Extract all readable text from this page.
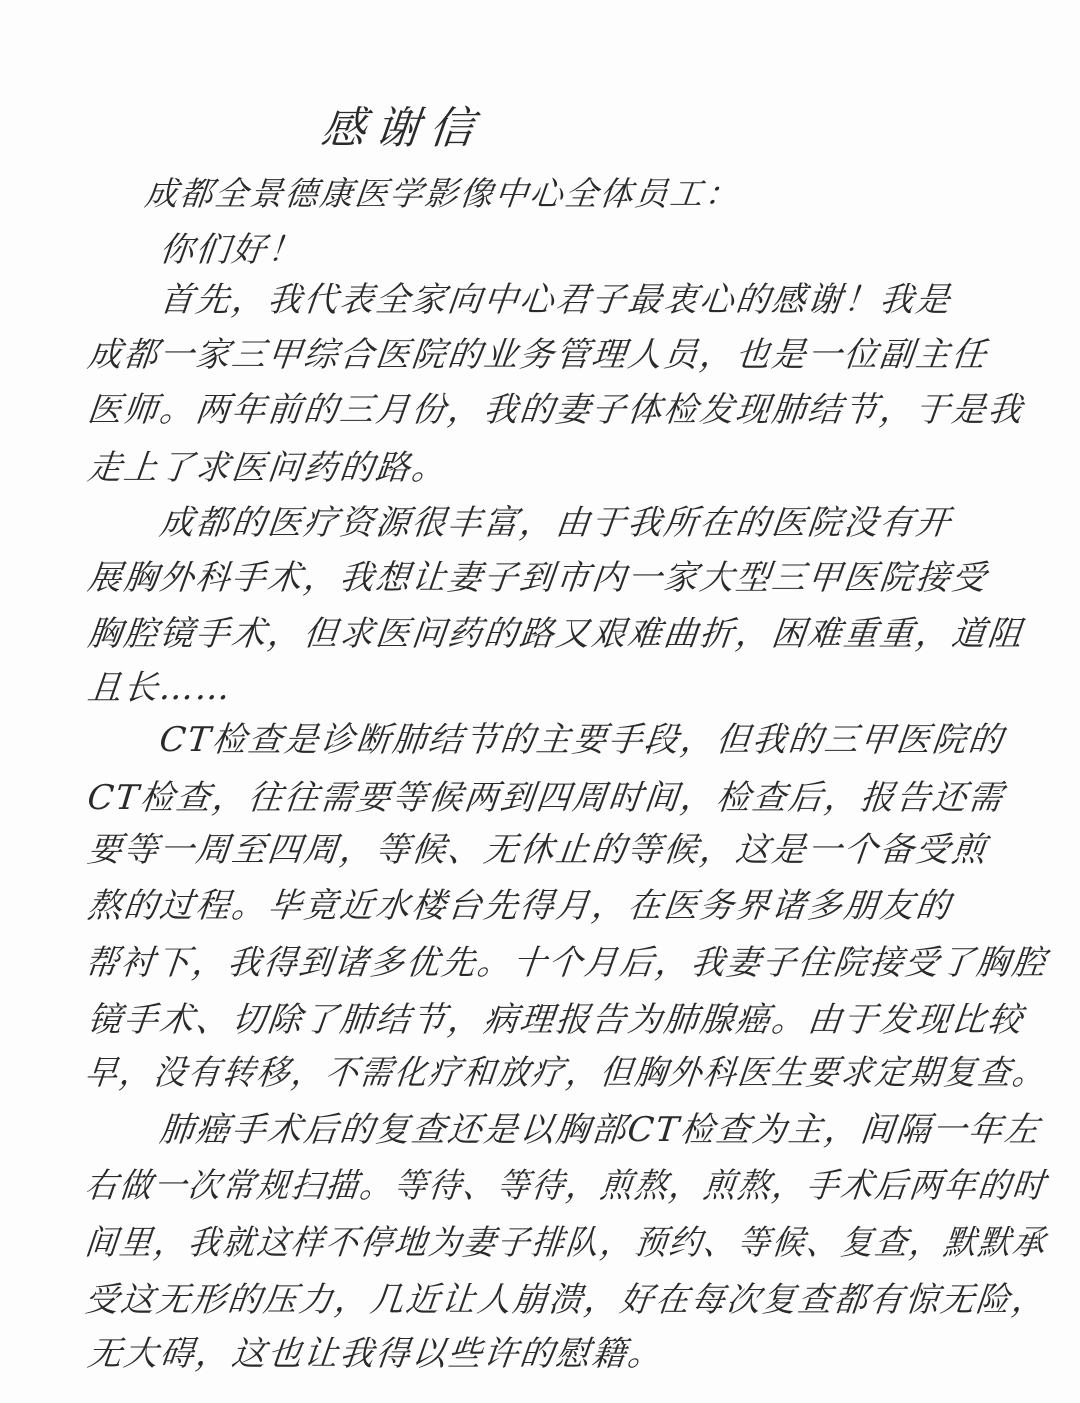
感谢信
成都全景德康医学影像中心全体员工：
你们好！
首先，我代表全家向中心君子最衷心的感谢！我是
成都一家三甲综合医院的业务管理人员，也是一位副主任
医师。两年前的三月份，我的妻子体检发现肺结节，于是我
走上了求医问药的路。
成都的医疗资源很丰富，由于我所在的医院没有开
展胸外科手术，我想让妻子到市内一家大型三甲医院接受
胸腔镜手术，但求医问药的路又艰难曲折，困难重重，道阻
且长……
CT检查是诊断肺结节的主要手段，但我的三甲医院的
CT检查，往往需要等候两到四周时间，检查后，报告还需
要等一周至四周，等候、无休止的等候，这是一个备受煎
熬的过程。毕竟近水楼台先得月，在医务界诸多朋友的
帮衬下，我得到诸多优先。十个月后，我妻子住院接受了胸腔
镜手术、切除了肺结节，病理报告为肺腺癌。由于发现比较
早，没有转移，不需化疗和放疗，但胸外科医生要求定期复查。
肺癌手术后的复查还是以胸部CT检查为主，间隔一年左
右做一次常规扫描。等待、等待，煎熬，煎熬，手术后两年的时
间里，我就这样不停地为妻子排队，预约、等候、复查，默默承
受这无形的压力，几近让人崩溃，好在每次复查都有惊无险，
无大碍，这也让我得以些许的慰籍。
